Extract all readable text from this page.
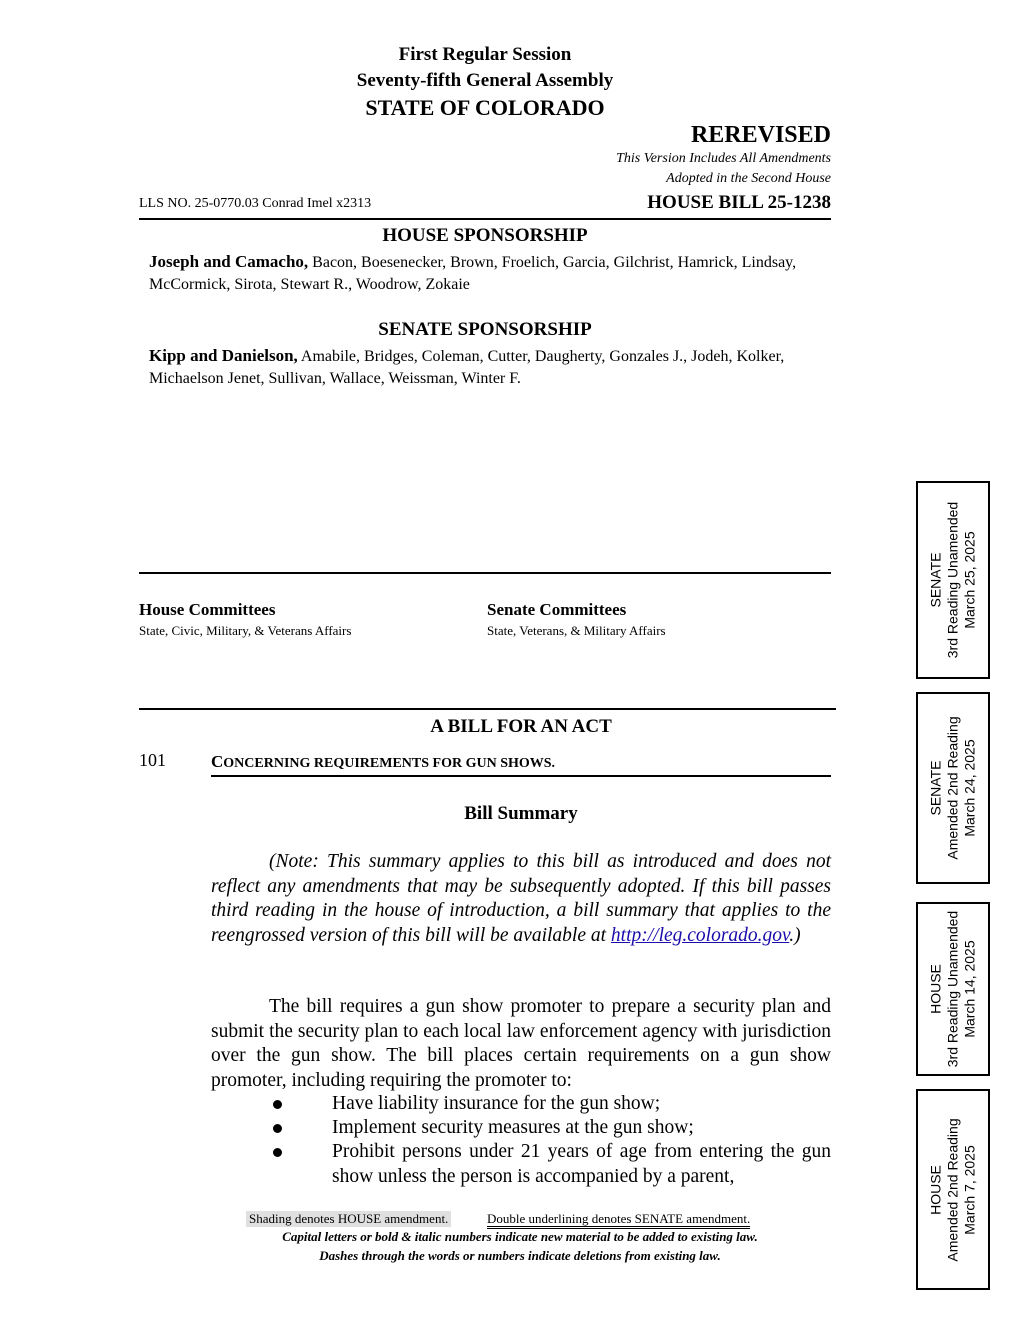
First Regular Session
Seventy-fifth General Assembly
STATE OF COLORADO
REREVISED
This Version Includes All Amendments
Adopted in the Second House
LLS NO. 25-0770.03 Conrad Imel x2313	HOUSE BILL 25-1238
HOUSE SPONSORSHIP
Joseph and Camacho, Bacon, Boesenecker, Brown, Froelich, Garcia, Gilchrist, Hamrick, Lindsay, McCormick, Sirota, Stewart R., Woodrow, Zokaie
SENATE SPONSORSHIP
Kipp and Danielson, Amabile, Bridges, Coleman, Cutter, Daugherty, Gonzales J., Jodeh, Kolker, Michaelson Jenet, Sullivan, Wallace, Weissman, Winter F.
House Committees
State, Civic, Military, & Veterans Affairs
Senate Committees
State, Veterans, & Military Affairs
A BILL FOR AN ACT
101	CONCERNING REQUIREMENTS FOR GUN SHOWS.
Bill Summary
(Note: This summary applies to this bill as introduced and does not reflect any amendments that may be subsequently adopted. If this bill passes third reading in the house of introduction, a bill summary that applies to the reengrossed version of this bill will be available at http://leg.colorado.gov.)
The bill requires a gun show promoter to prepare a security plan and submit the security plan to each local law enforcement agency with jurisdiction over the gun show. The bill places certain requirements on a gun show promoter, including requiring the promoter to:
Have liability insurance for the gun show;
Implement security measures at the gun show;
Prohibit persons under 21 years of age from entering the gun show unless the person is accompanied by a parent,
Shading denotes HOUSE amendment.	Double underlining denotes SENATE amendment.
Capital letters or bold & italic numbers indicate new material to be added to existing law.
Dashes through the words or numbers indicate deletions from existing law.
SENATE 3rd Reading Unamended March 25, 2025
SENATE Amended 2nd Reading March 24, 2025
HOUSE 3rd Reading Unamended March 14, 2025
HOUSE Amended 2nd Reading March 7, 2025
